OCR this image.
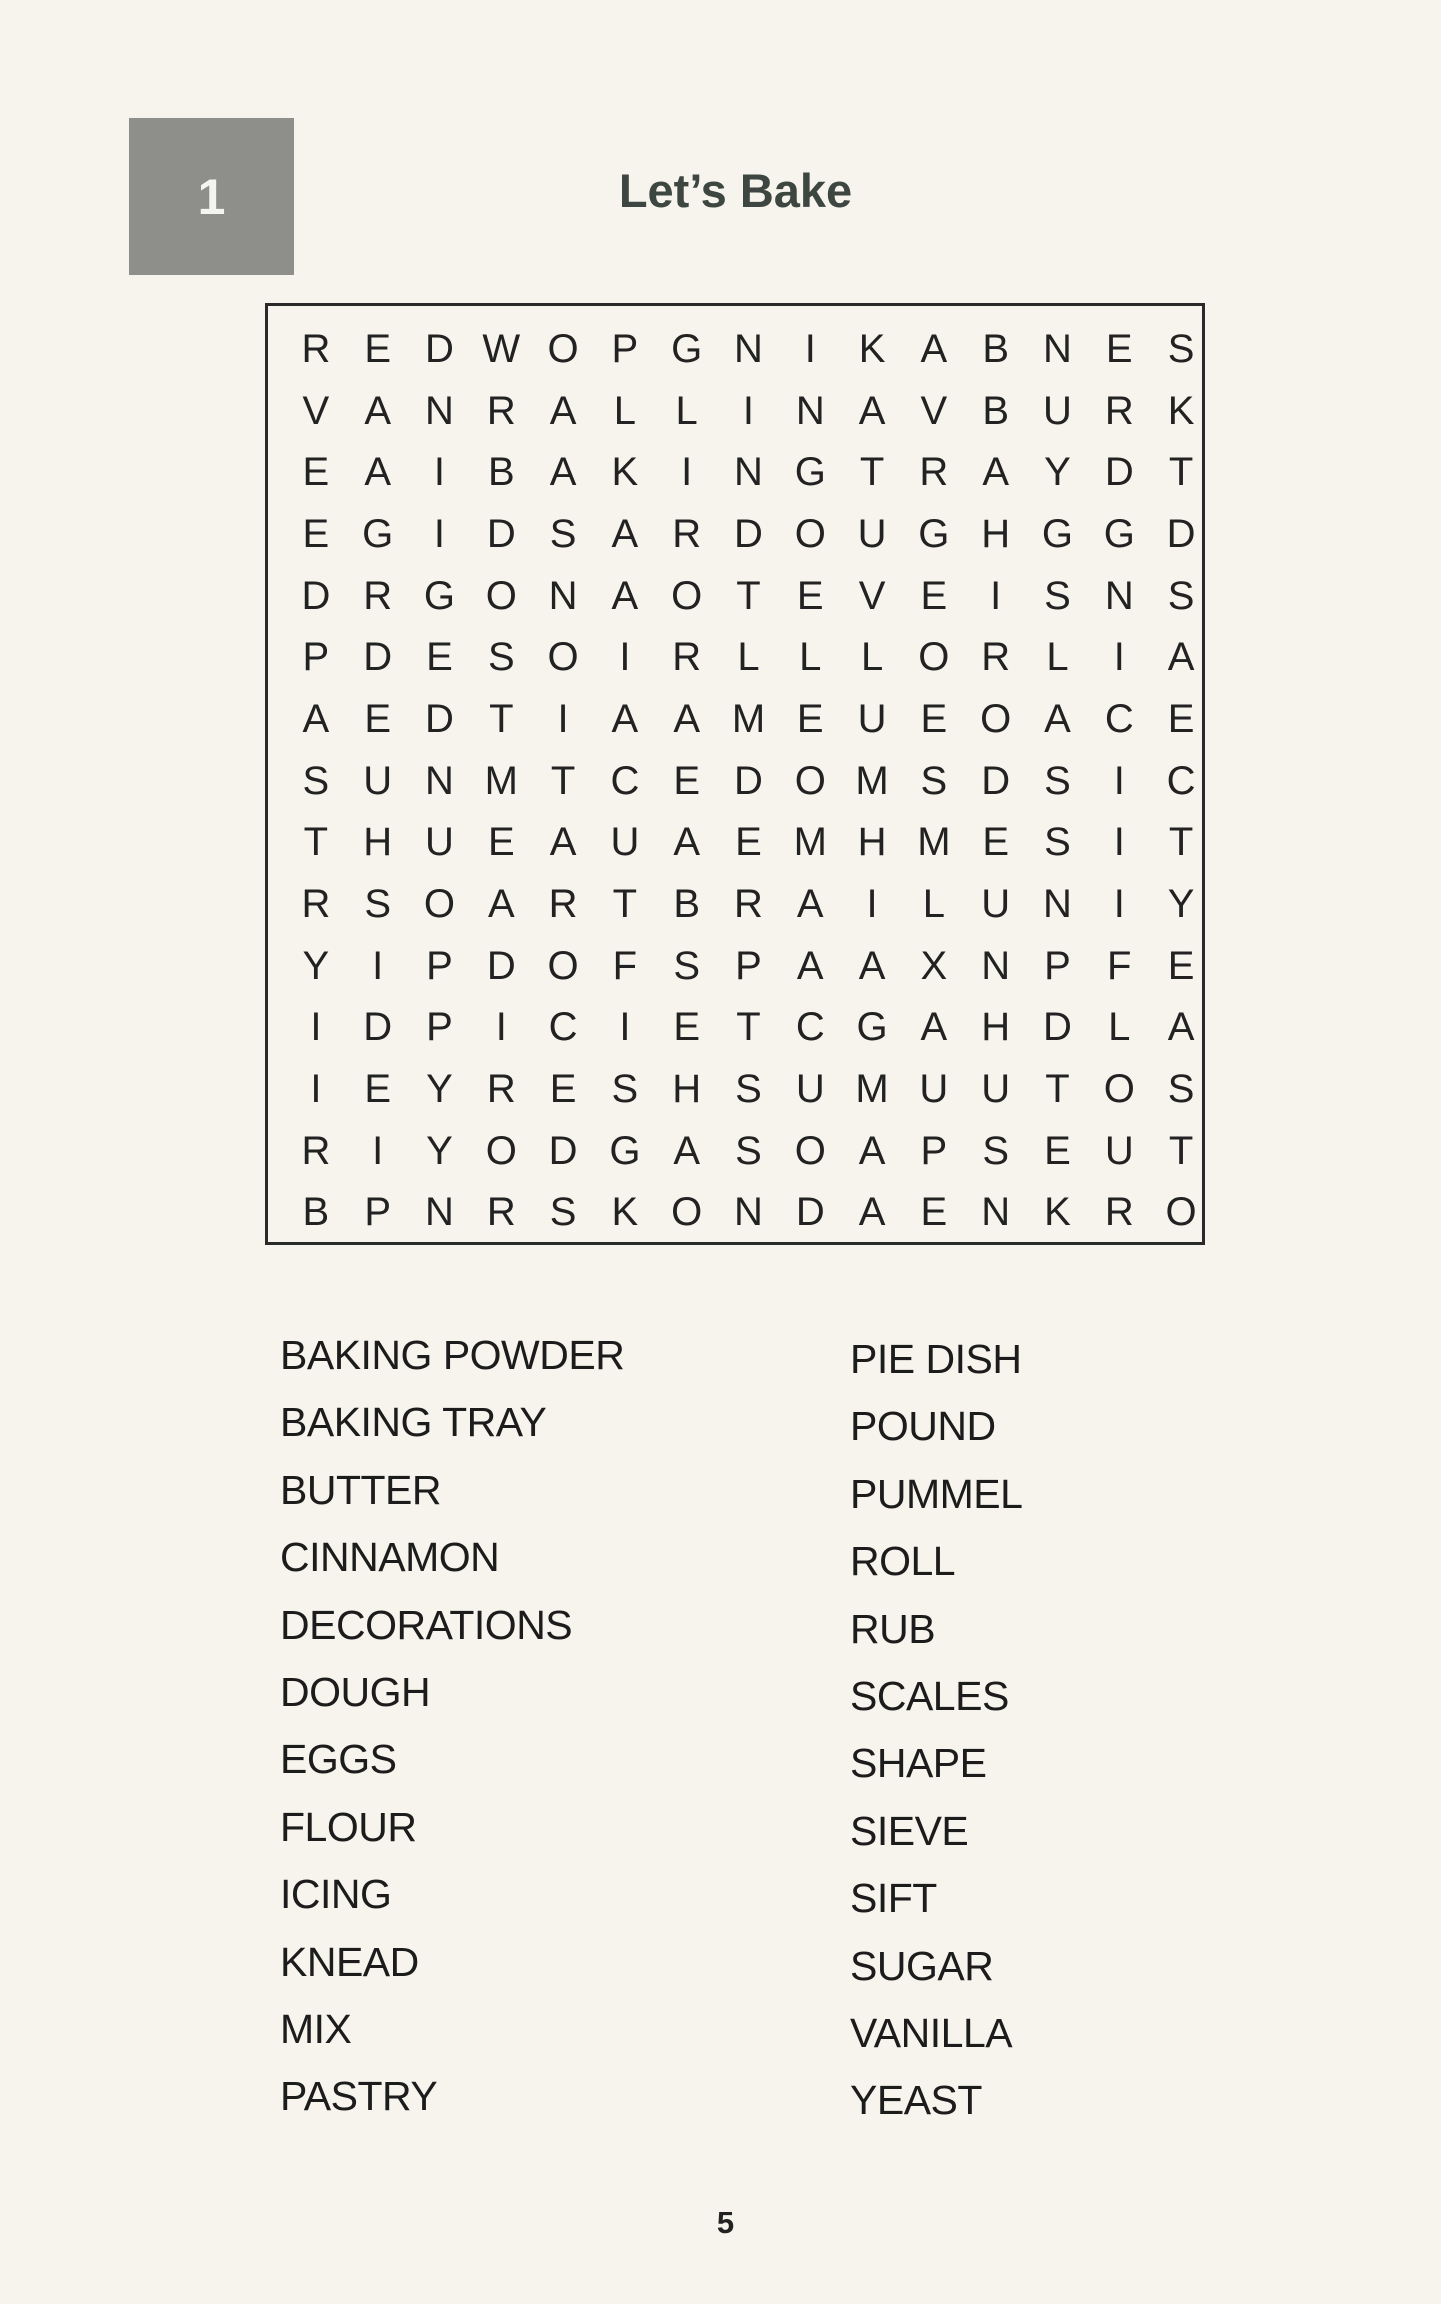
1	Let’s Bake
R E D W O P G N	I	K A B N E S
V A N R A L L	I	N A V B U R K
E A	I	B A K	I	N G T R A Y D T
E G	I	D S A R D O U G H G G D
D R G O N A O T E V E	I	S N S
P D E S O	I	R L L L O R L	I	A
A E D T	I	A A M E U E O A C E
S U N M T C E D O M S D S	I	C
T H U E A U A E M H M E S	I	T
R S O A R T B R A	I	L U N	I	Y
Y	I	P D O F S P A A X N P F E
I	D P	I	C	I	E T C G A H D L A
I	E Y R E S H S U M U U T O S
R	I	Y O D G A S O A P S E U T
B P N R S K O N D A E N K R O
BAKING POWDER
BAKING TRAY
BUTTER
CINNAMON
DECORATIONS
DOUGH
EGGS
FLOUR
ICING
KNEAD
MIX
PASTRY
PIE DISH
POUND
PUMMEL
ROLL
RUB
SCALES
SHAPE
SIEVE
SIFT
SUGAR
VANILLA
YEAST
5
